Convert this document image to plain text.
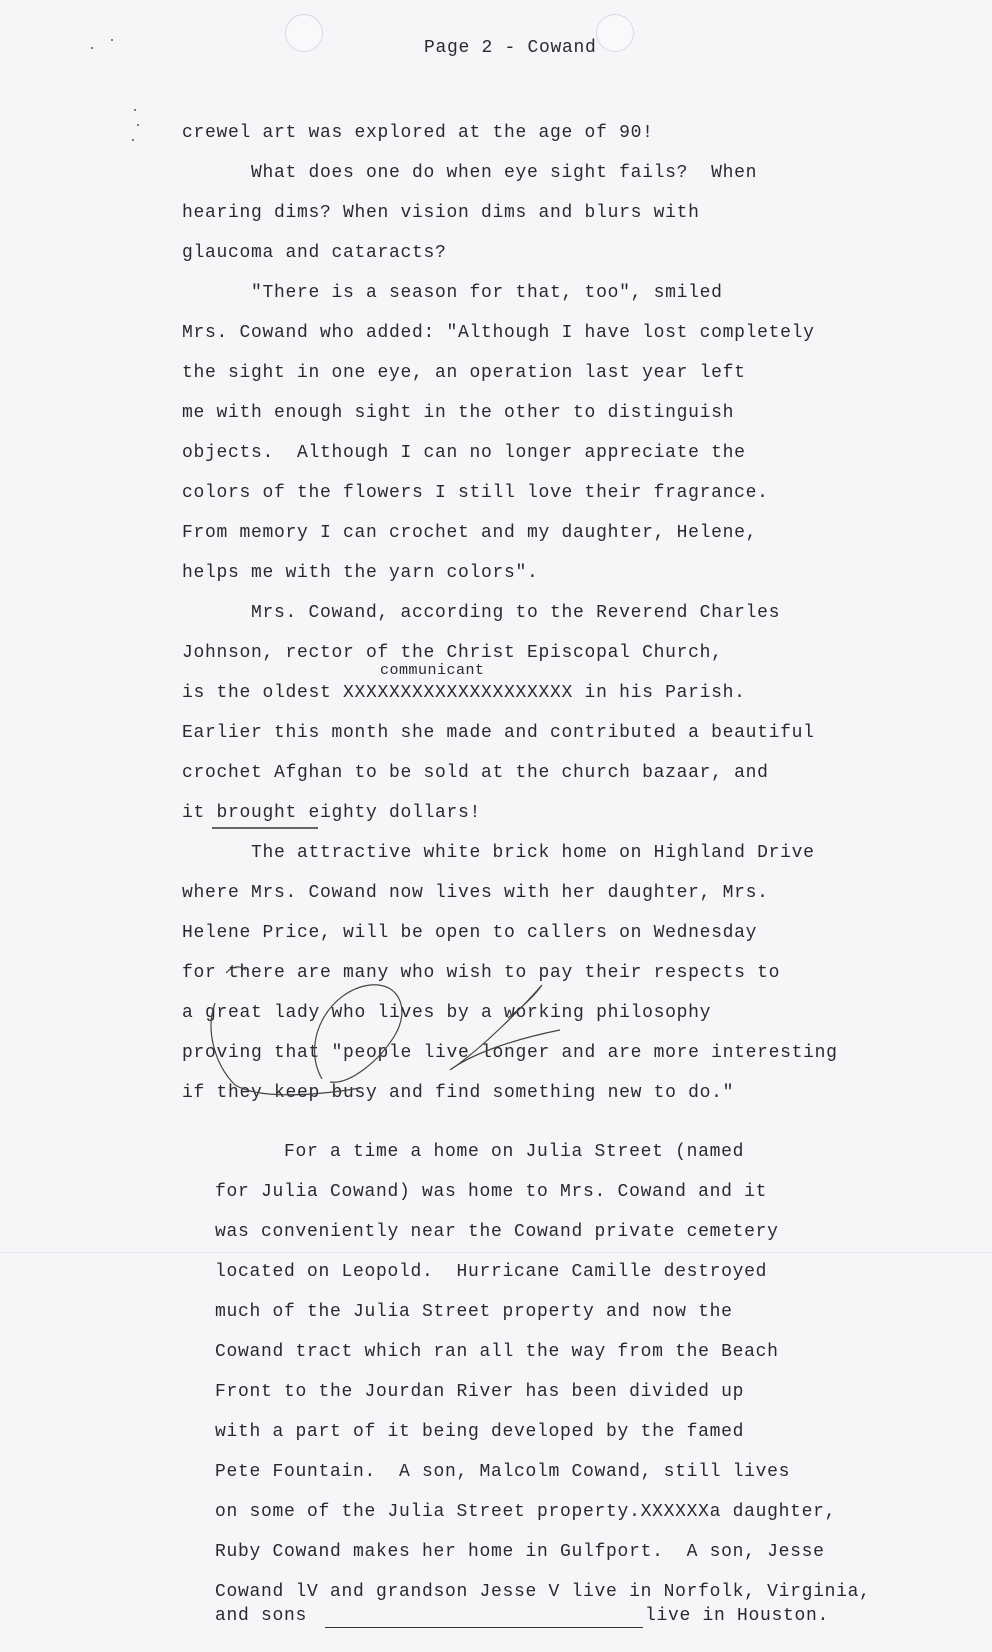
Page 2 - Cowand
crewel art was explored at the age of 90!
What does one do when eye sight fails?  When
hearing dims? When vision dims and blurs with
glaucoma and cataracts?
"There is a season for that, too", smiled
Mrs. Cowand who added: "Although I have lost completely
the sight in one eye, an operation last year left
me with enough sight in the other to distinguish
objects.  Although I can no longer appreciate the
colors of the flowers I still love their fragrance.
From memory I can crochet and my daughter, Helene,
helps me with the yarn colors".
Mrs. Cowand, according to the Reverend Charles
Johnson, rector of the Christ Episcopal Church,
is the oldest XXXXXXXXXXXXXXXXXXXX in his Parish.
Earlier this month she made and contributed a beautiful
crochet Afghan to be sold at the church bazaar, and
it brought eighty dollars!
The attractive white brick home on Highland Drive
where Mrs. Cowand now lives with her daughter, Mrs.
Helene Price, will be open to callers on Wednesday
for there are many who wish to pay their respects to
a great lady who lives by a working philosophy
proving that "people live longer and are more interesting
if they keep busy and find something new to do."
communicant
For a time a home on Julia Street (named
for Julia Cowand) was home to Mrs. Cowand and it
was conveniently near the Cowand private cemetery
located on Leopold.  Hurricane Camille destroyed
much of the Julia Street property and now the
Cowand tract which ran all the way from the Beach
Front to the Jourdan River has been divided up
with a part of it being developed by the famed
Pete Fountain.  A son, Malcolm Cowand, still lives
on some of the Julia Street property.XXXXXXa daughter,
Ruby Cowand makes her home in Gulfport.  A son, Jesse
Cowand lV and grandson Jesse V live in Norfolk, Virginia,
and sons	live in Houston.
